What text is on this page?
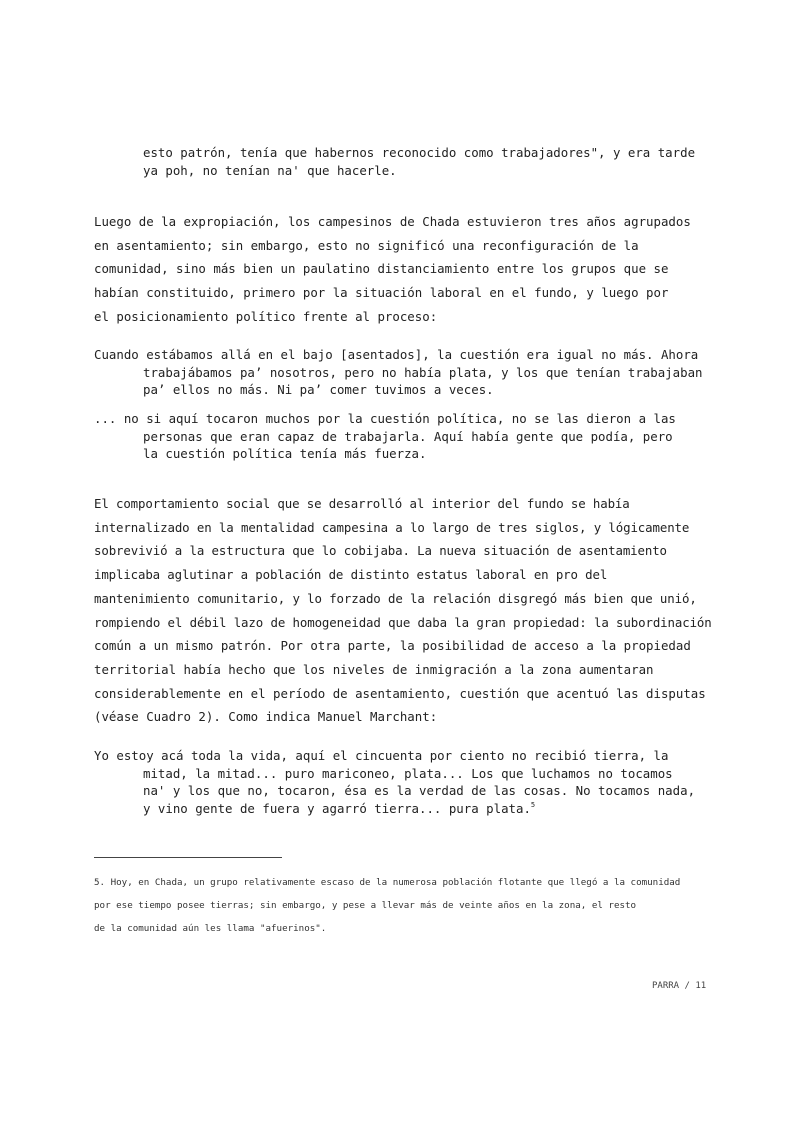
esto patrón, tenía que habernos reconocido como trabajadores", y era tarde
ya poh, no tenían na' que hacerle.
Luego de la expropiación, los campesinos de Chada estuvieron tres años agrupados
en asentamiento; sin embargo, esto no significó una reconfiguración de la
comunidad, sino más bien un paulatino distanciamiento entre los grupos que se
habían constituido, primero por la situación laboral en el fundo, y luego por
el posicionamiento político frente al proceso:
Cuando estábamos allá en el bajo [asentados], la cuestión era igual no más. Ahora
trabajábamos pa’ nosotros, pero no había plata, y los que tenían trabajaban
pa’ ellos no más. Ni pa’ comer tuvimos a veces.
... no si aquí tocaron muchos por la cuestión política, no se las dieron a las
personas que eran capaz de trabajarla. Aquí había gente que podía, pero
la cuestión política tenía más fuerza.
El comportamiento social que se desarrolló al interior del fundo se había
internalizado en la mentalidad campesina a lo largo de tres siglos, y lógicamente
sobrevivió a la estructura que lo cobijaba. La nueva situación de asentamiento
implicaba aglutinar a población de distinto estatus laboral en pro del
mantenimiento comunitario, y lo forzado de la relación disgregó más bien que unió,
rompiendo el débil lazo de homogeneidad que daba la gran propiedad: la subordinación
común a un mismo patrón. Por otra parte, la posibilidad de acceso a la propiedad
territorial había hecho que los niveles de inmigración a la zona aumentaran
considerablemente en el período de asentamiento, cuestión que acentuó las disputas
(véase Cuadro 2). Como indica Manuel Marchant:
Yo estoy acá toda la vida, aquí el cincuenta por ciento no recibió tierra, la
mitad, la mitad... puro mariconeo, plata... Los que luchamos no tocamos
na' y los que no, tocaron, ésa es la verdad de las cosas. No tocamos nada,
y vino gente de fuera y agarró tierra... pura plata.$^5$
5. Hoy, en Chada, un grupo relativamente escaso de la numerosa población flotante que llegó a la comunidad
por ese tiempo posee tierras; sin embargo, y pese a llevar más de veinte años en la zona, el resto
de la comunidad aún les llama "afuerinos".
PARRA / 11
